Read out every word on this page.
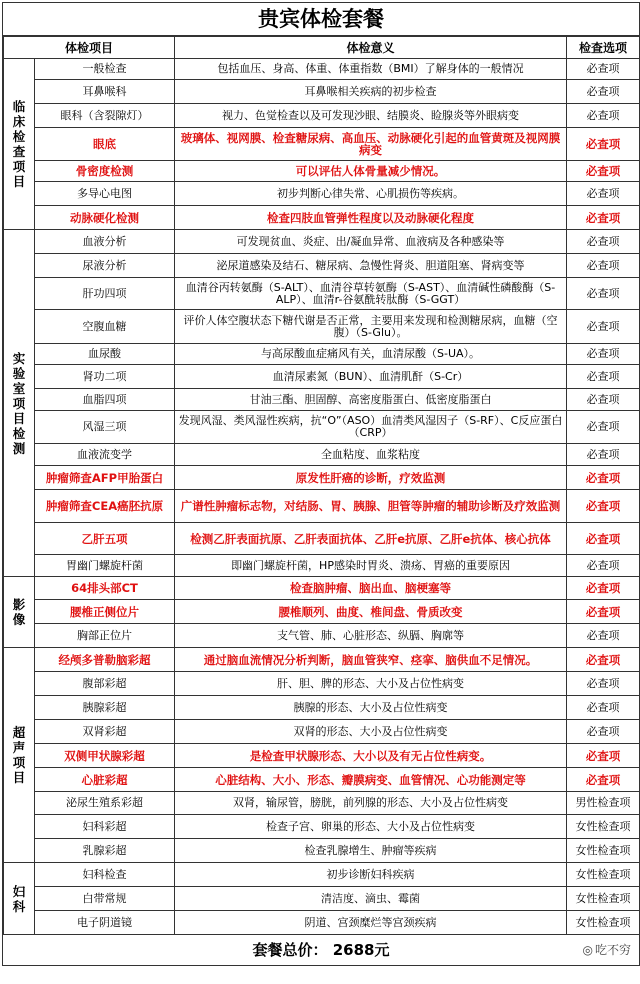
贵宾体检套餐
体检项目		体检意义	检查选项
临床检查项目	一般检查	包括血压、身高、体重、体重指数（BMI）了解身体的一般情况	必查项
	耳鼻喉科	耳鼻喉相关疾病的初步检查	必查项
	眼科（含裂隙灯）	视力、色觉检查以及可发现沙眼、结膜炎、睑腺炎等外眼病变	必查项
	眼底	玻璃体、视网膜、检查糖尿病、高血压、动脉硬化引起的血管黄斑及视网膜病变	必查项
	骨密度检测	可以评估人体骨量减少情况。	必查项
	多导心电图	初步判断心律失常、心肌损伤等疾病。	必查项
	动脉硬化检测	检查四肢血管弹性程度以及动脉硬化程度	必查项
实验室项目检测	血液分析	可发现贫血、炎症、出/凝血异常、血液病及各种感染等	必查项
	尿液分析	泌尿道感染及结石、糖尿病、急慢性肾炎、胆道阻塞、肾病变等	必查项
	肝功四项	血清谷丙转氨酶（S-ALT）、血清谷草转氨酶（S-AST）、血清碱性磷酸酶（S-ALP）、血清r-谷氨酰转肽酶（S-GGT）	必查项
	空腹血糖	评价人体空腹状态下糖代谢是否正常，主要用来发现和检测糖尿病，血糖（空腹）（S-Glu）。	必查项
	血尿酸	与高尿酸血症痛风有关，血清尿酸（S-UA）。	必查项
	肾功二项	血清尿素氮（BUN）、血清肌酐（S-Cr）	必查项
	血脂四项	甘油三酯、胆固醇、高密度脂蛋白、低密度脂蛋白	必查项
	风湿三项	发现风湿、类风湿性疾病，抗“O”（ASO）血清类风湿因子（S-RF）、C反应蛋白（CRP）	必查项
	血液流变学	全血粘度、血浆粘度	必查项
	肿瘤筛查AFP甲胎蛋白	原发性肝癌的诊断，疗效监测	必查项
	肿瘤筛查CEA癌胚抗原	广谱性肿瘤标志物，对结肠、胃、胰腺、胆管等肿瘤的辅助诊断及疗效监测	必查项
	乙肝五项	检测乙肝表面抗原、乙肝表面抗体、乙肝e抗原、乙肝e抗体、核心抗体	必查项
	胃幽门螺旋杆菌	即幽门螺旋杆菌，HP感染时胃炎、溃疡、胃癌的重要原因	必查项
影像	64排头部CT	检查脑肿瘤、脑出血、脑梗塞等	必查项
	腰椎正侧位片	腰椎顺列、曲度、椎间盘、骨质改变	必查项
	胸部正位片	支气管、肺、心脏形态、纵膈、胸廓等	必查项
超声项目	经颅多普勒脑彩超	通过脑血流情况分析判断，脑血管狭窄、痉挛、脑供血不足情况。	必查项
	腹部彩超	肝、胆、脾的形态、大小及占位性病变	必查项
	胰腺彩超	胰腺的形态、大小及占位性病变	必查项
	双肾彩超	双肾的形态、大小及占位性病变	必查项
	双侧甲状腺彩超	是检查甲状腺形态、大小以及有无占位性病变。	必查项
	心脏彩超	心脏结构、大小、形态、瓣膜病变、血管情况、心功能测定等	必查项
	泌尿生殖系彩超	双肾，输尿管，膀胱，前列腺的形态、大小及占位性病变	男性检查项
	妇科彩超	检查子宫、卵巢的形态、大小及占位性病变	女性检查项
	乳腺彩超	检查乳腺增生、肿瘤等疾病	女性检查项
妇科	妇科检查	初步诊断妇科疾病	女性检查项
	白带常规	清洁度、滴虫、霉菌	女性检查项
	电子阴道镜	阴道、宫颈糜烂等宫颈疾病	女性检查项
套餐总价： 2688元	◎ 吃不穷
